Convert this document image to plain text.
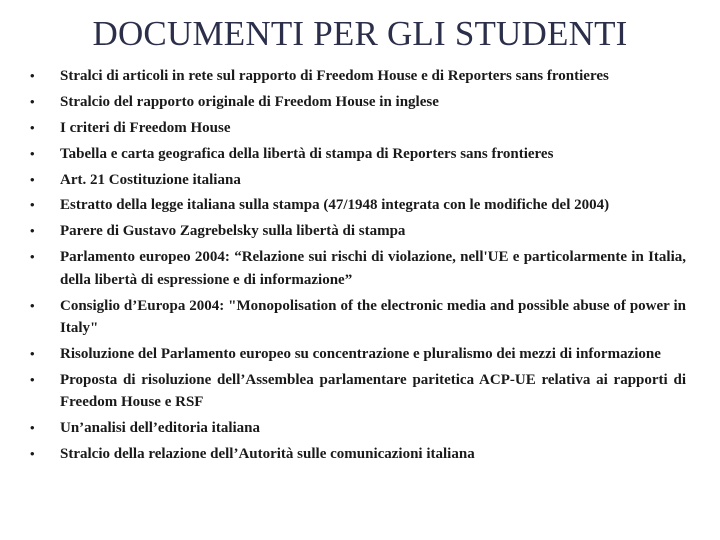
DOCUMENTI PER GLI STUDENTI
•	Stralci di articoli in rete sul rapporto di Freedom House e di Reporters sans frontieres
•	Stralcio del rapporto originale di Freedom House in inglese
•	I criteri di Freedom House
•	Tabella e carta geografica della libertà di stampa di Reporters sans frontieres
•	Art. 21 Costituzione italiana
•	Estratto della legge italiana sulla stampa (47/1948 integrata con le modifiche del 2004)
•	Parere di Gustavo Zagrebelsky sulla libertà di stampa
•	Parlamento europeo 2004: “Relazione sui rischi di violazione, nell'UE e particolarmente in Italia, della libertà di espressione e di informazione”
•	Consiglio d’Europa 2004: "Monopolisation of the electronic media and possible abuse of power in Italy"
•	Risoluzione del Parlamento europeo su concentrazione e pluralismo dei mezzi di informazione
•	Proposta di risoluzione dell’Assemblea parlamentare paritetica ACP-UE relativa ai rapporti di Freedom House e RSF
•	Un’analisi dell’editoria italiana
•	Stralcio della relazione dell’Autorità sulle comunicazioni italiana
